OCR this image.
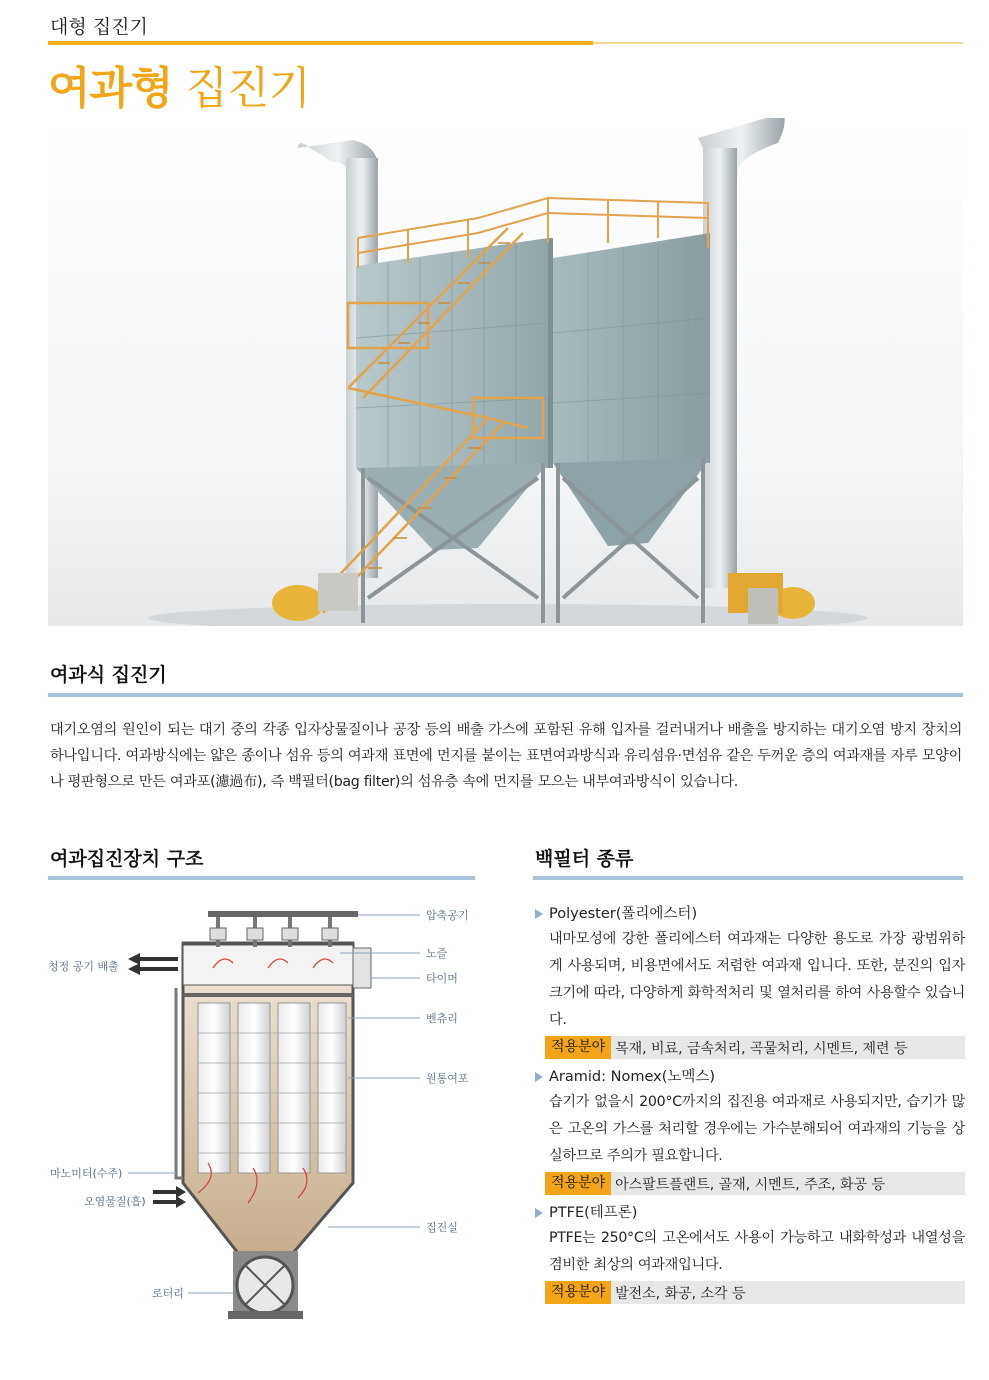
대형 집진기
여과형 집진기
여과식 집진기
대기오염의 원인이 되는 대기 중의 각종 입자상물질이나 공장 등의 배출 가스에 포함된 유해 입자를 걸러내거나 배출을 방지하는 대기오염 방지 장치의 하나입니다. 여과방식에는 얇은 종이나 섬유 등의 여과재 표면에 먼지를 붙이는 표면여과방식과 유리섬유·면섬유 같은 두꺼운 층의 여과재를 자루 모양이나 평판형으로 만든 여과포(濾過布), 즉 백필터(bag filter)의 섬유층 속에 먼지를 모으는 내부여과방식이 있습니다.
여과집진장치 구조
압축공기
노즐
타이머
벤츄리
원통여포
집진실
청정 공기 배출
마노미터(수주)
오염물질(흡)
로터리
백필터 종류
Polyester(폴리에스터)
내마모성에 강한 폴리에스터 여과재는 다양한 용도로 가장 광범위하게 사용되며, 비용면에서도 저렴한 여과재 입니다. 또한, 분진의 입자 크기에 따라, 다양하게 화학적처리 및 열처리를 하여 사용할수 있습니다.
적용분야 목재, 비료, 금속처리, 곡물처리, 시멘트, 제련 등
Aramid: Nomex(노멕스)
습기가 없을시 200°C까지의 집진용 여과재로 사용되지만, 습기가 많은 고온의 가스를 처리할 경우에는 가수분해되어 여과재의 기능을 상실하므로 주의가 필요합니다.
적용분야 아스팔트플랜트, 골재, 시멘트, 주조, 화공 등
PTFE(테프론)
PTFE는 250°C의 고온에서도 사용이 가능하고 내화학성과 내열성을 겸비한 최상의 여과재입니다.
적용분야 발전소, 화공, 소각 등
